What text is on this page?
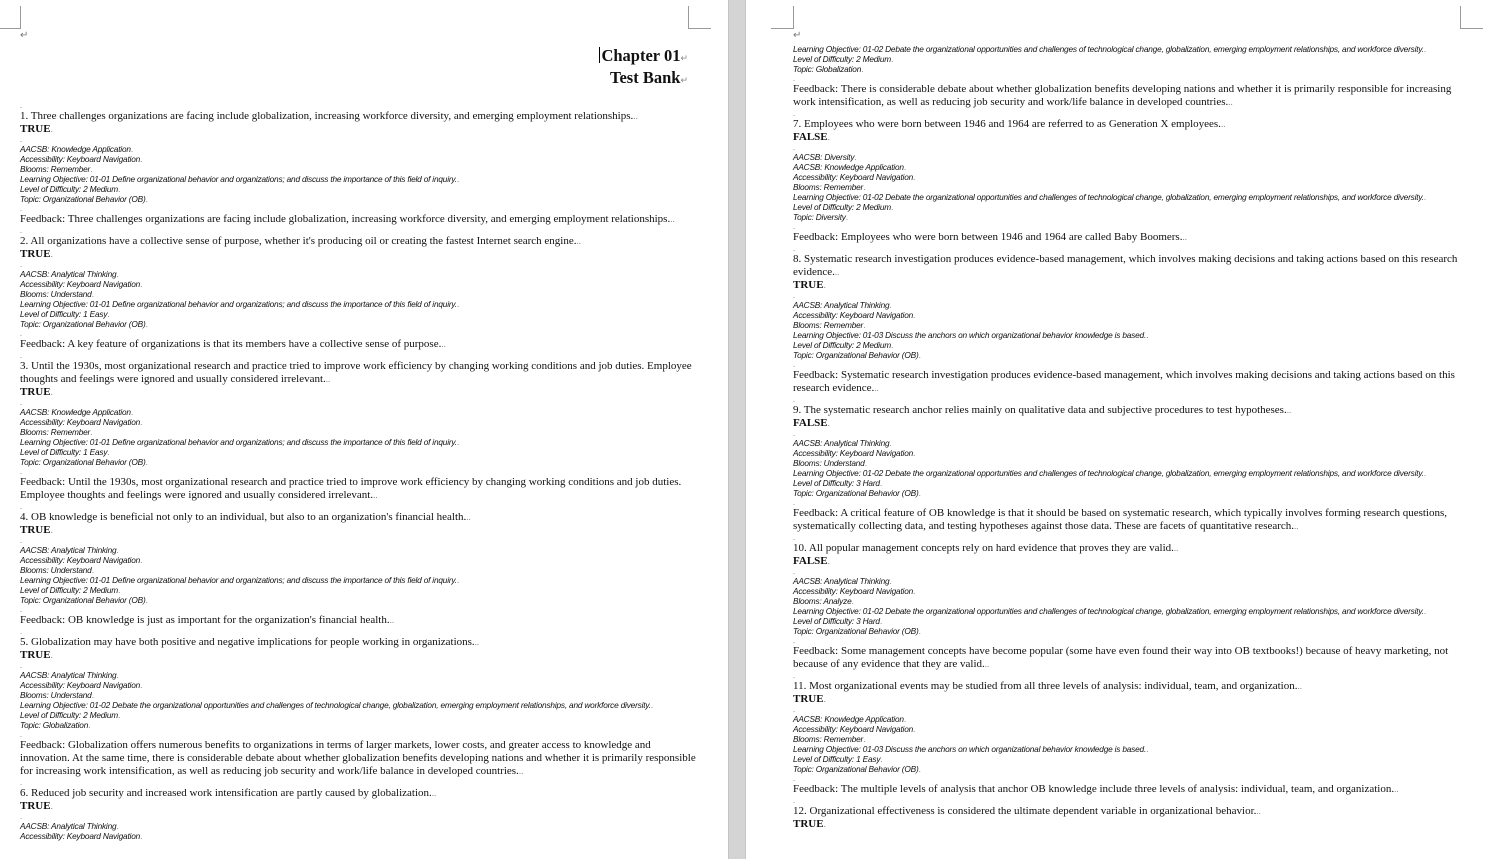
↵
Chapter 01↵
Test Bank↵
.
1. Three challenges organizations are facing include globalization, increasing workforce diversity, and emerging employment relationships...
TRUE.
.
AACSB: Knowledge Application.
Accessibility: Keyboard Navigation.
Blooms: Remember.
Learning Objective: 01-01 Define organizational behavior and organizations; and discuss the importance of this field of inquiry..
Level of Difficulty: 2 Medium.
Topic: Organizational Behavior (OB).
.
Feedback: Three challenges organizations are facing include globalization, increasing workforce diversity, and emerging employment relationships...
.
2. All organizations have a collective sense of purpose, whether it's producing oil or creating the fastest Internet search engine...
TRUE.
.
AACSB: Analytical Thinking.
Accessibility: Keyboard Navigation.
Blooms: Understand.
Learning Objective: 01-01 Define organizational behavior and organizations; and discuss the importance of this field of inquiry..
Level of Difficulty: 1 Easy.
Topic: Organizational Behavior (OB).
.
Feedback: A key feature of organizations is that its members have a collective sense of purpose...
.
3. Until the 1930s, most organizational research and practice tried to improve work efficiency by changing working conditions and job duties. Employee thoughts and feelings were ignored and usually considered irrelevant...
TRUE.
.
AACSB: Knowledge Application.
Accessibility: Keyboard Navigation.
Blooms: Remember.
Learning Objective: 01-01 Define organizational behavior and organizations; and discuss the importance of this field of inquiry..
Level of Difficulty: 1 Easy.
Topic: Organizational Behavior (OB).
.
Feedback: Until the 1930s, most organizational research and practice tried to improve work efficiency by changing working conditions and job duties. Employee thoughts and feelings were ignored and usually considered irrelevant...
.
4. OB knowledge is beneficial not only to an individual, but also to an organization's financial health...
TRUE.
.
AACSB: Analytical Thinking.
Accessibility: Keyboard Navigation.
Blooms: Understand.
Learning Objective: 01-01 Define organizational behavior and organizations; and discuss the importance of this field of inquiry..
Level of Difficulty: 2 Medium.
Topic: Organizational Behavior (OB).
.
Feedback: OB knowledge is just as important for the organization's financial health...
.
5. Globalization may have both positive and negative implications for people working in organizations...
TRUE.
.
AACSB: Analytical Thinking.
Accessibility: Keyboard Navigation.
Blooms: Understand.
Learning Objective: 01-02 Debate the organizational opportunities and challenges of technological change, globalization, emerging employment relationships, and workforce diversity..
Level of Difficulty: 2 Medium.
Topic: Globalization.
.
Feedback: Globalization offers numerous benefits to organizations in terms of larger markets, lower costs, and greater access to knowledge and innovation. At the same time, there is considerable debate about whether globalization benefits developing nations and whether it is primarily responsible for increasing work intensification, as well as reducing job security and work/life balance in developed countries...
.
6. Reduced job security and increased work intensification are partly caused by globalization...
TRUE.
.
AACSB: Analytical Thinking.
Accessibility: Keyboard Navigation.
↵
Learning Objective: 01-02 Debate the organizational opportunities and challenges of technological change, globalization, emerging employment relationships, and workforce diversity..
Level of Difficulty: 2 Medium.
Topic: Globalization.
.
Feedback: There is considerable debate about whether globalization benefits developing nations and whether it is primarily responsible for increasing work intensification, as well as reducing job security and work/life balance in developed countries...
.
7. Employees who were born between 1946 and 1964 are referred to as Generation X employees...
FALSE.
.
AACSB: Diversity.
AACSB: Knowledge Application.
Accessibility: Keyboard Navigation.
Blooms: Remember.
Learning Objective: 01-02 Debate the organizational opportunities and challenges of technological change, globalization, emerging employment relationships, and workforce diversity..
Level of Difficulty: 2 Medium.
Topic: Diversity.
.
Feedback: Employees who were born between 1946 and 1964 are called Baby Boomers...
.
8. Systematic research investigation produces evidence-based management, which involves making decisions and taking actions based on this research evidence...
TRUE.
.
AACSB: Analytical Thinking.
Accessibility: Keyboard Navigation.
Blooms: Remember.
Learning Objective: 01-03 Discuss the anchors on which organizational behavior knowledge is based..
Level of Difficulty: 2 Medium.
Topic: Organizational Behavior (OB).
.
Feedback: Systematic research investigation produces evidence-based management, which involves making decisions and taking actions based on this research evidence...
.
9. The systematic research anchor relies mainly on qualitative data and subjective procedures to test hypotheses...
FALSE.
.
AACSB: Analytical Thinking.
Accessibility: Keyboard Navigation.
Blooms: Understand.
Learning Objective: 01-02 Debate the organizational opportunities and challenges of technological change, globalization, emerging employment relationships, and workforce diversity..
Level of Difficulty: 3 Hard.
Topic: Organizational Behavior (OB).
.
Feedback: A critical feature of OB knowledge is that it should be based on systematic research, which typically involves forming research questions, systematically collecting data, and testing hypotheses against those data. These are facets of quantitative research...
.
10. All popular management concepts rely on hard evidence that proves they are valid...
FALSE.
.
AACSB: Analytical Thinking.
Accessibility: Keyboard Navigation.
Blooms: Analyze.
Learning Objective: 01-02 Debate the organizational opportunities and challenges of technological change, globalization, emerging employment relationships, and workforce diversity..
Level of Difficulty: 3 Hard.
Topic: Organizational Behavior (OB).
.
Feedback: Some management concepts have become popular (some have even found their way into OB textbooks!) because of heavy marketing, not because of any evidence that they are valid...
.
11. Most organizational events may be studied from all three levels of analysis: individual, team, and organization...
TRUE.
.
AACSB: Knowledge Application.
Accessibility: Keyboard Navigation.
Blooms: Remember.
Learning Objective: 01-03 Discuss the anchors on which organizational behavior knowledge is based..
Level of Difficulty: 1 Easy.
Topic: Organizational Behavior (OB).
.
Feedback: The multiple levels of analysis that anchor OB knowledge include three levels of analysis: individual, team, and organization...
.
12. Organizational effectiveness is considered the ultimate dependent variable in organizational behavior...
TRUE.
